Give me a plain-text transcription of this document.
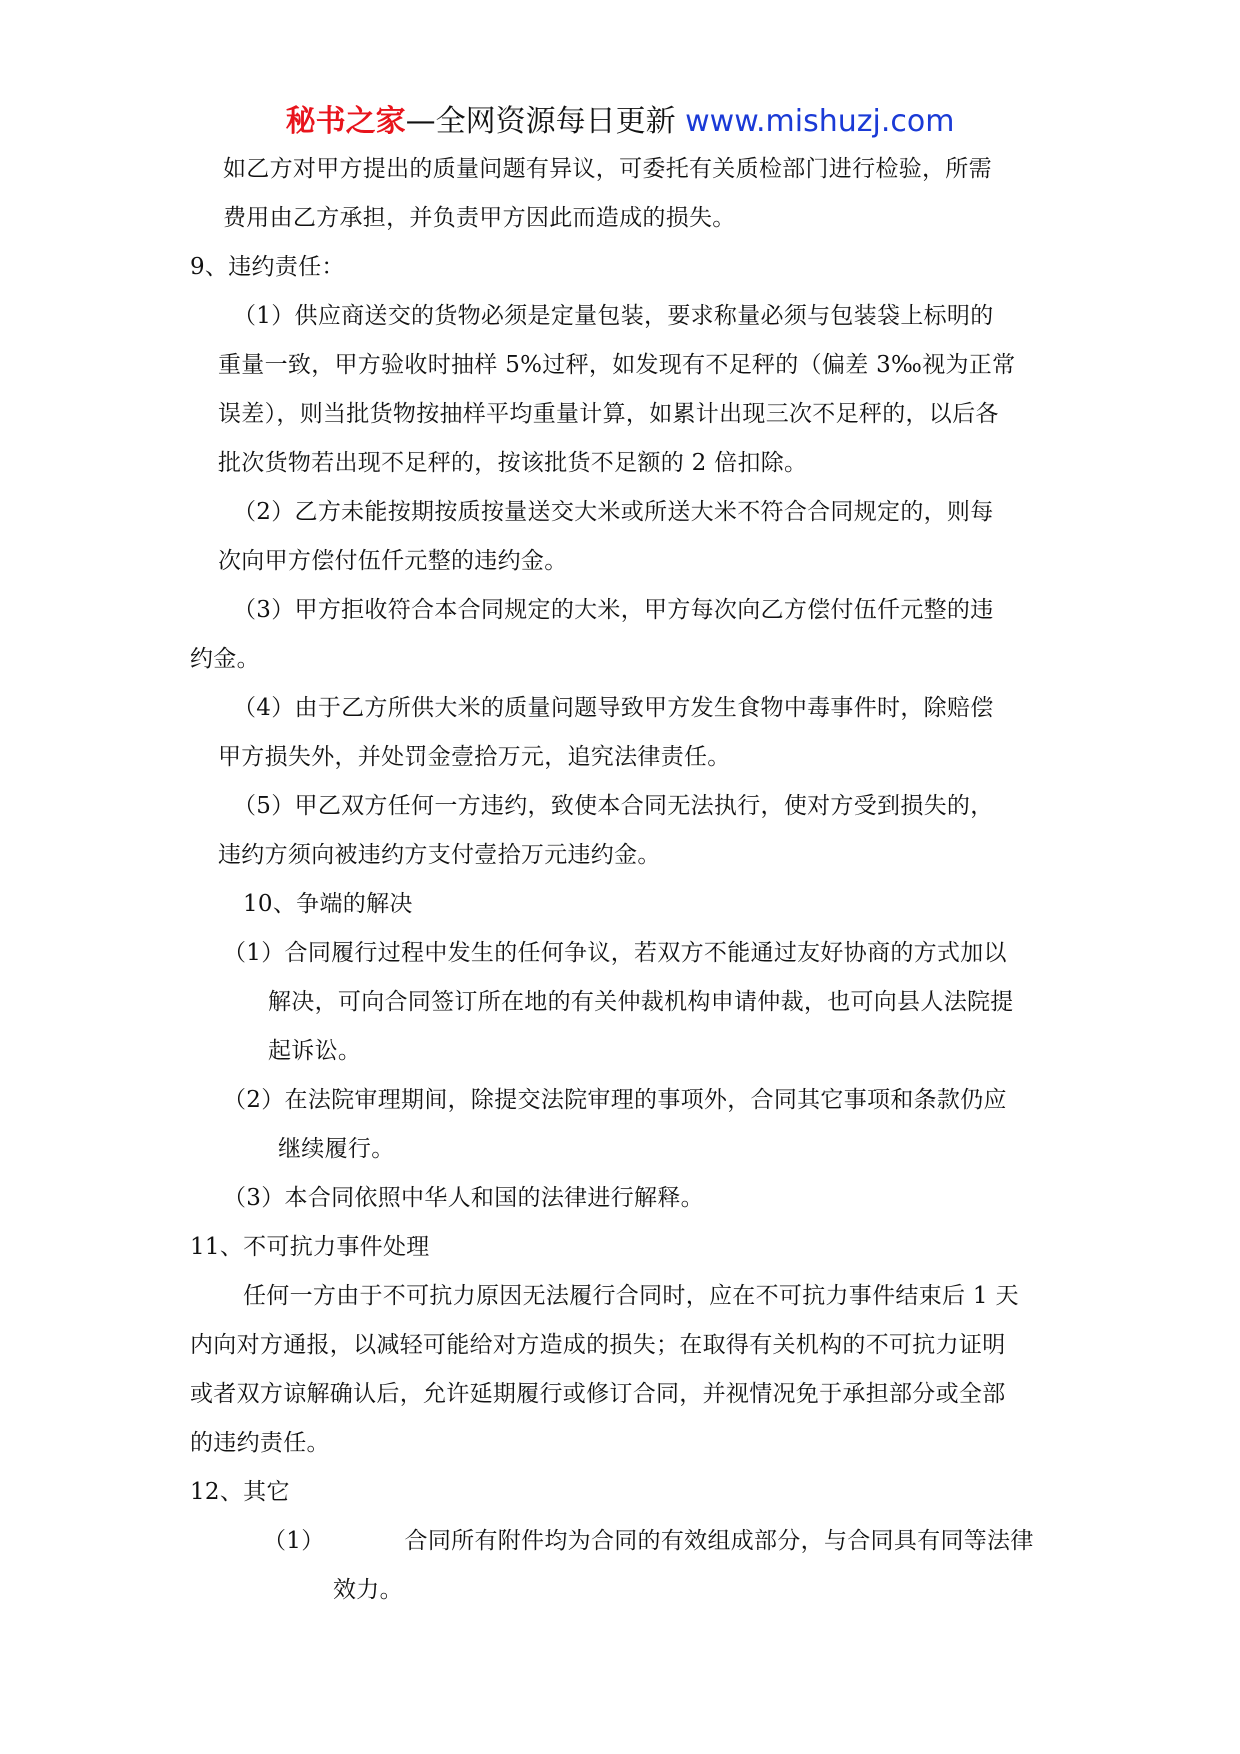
秘书之家—全网资源每日更新 www.mishuzj.com
如乙方对甲方提出的质量问题有异议，可委托有关质检部门进行检验，所需
费用由乙方承担，并负责甲方因此而造成的损失。
9、违约责任：
（1）供应商送交的货物必须是定量包装，要求称量必须与包装袋上标明的
重量一致，甲方验收时抽样 5%过秤，如发现有不足秤的（偏差 3‰视为正常
误差），则当批货物按抽样平均重量计算，如累计出现三次不足秤的，以后各
批次货物若出现不足秤的，按该批货不足额的 2 倍扣除。
（2）乙方未能按期按质按量送交大米或所送大米不符合合同规定的，则每
次向甲方偿付伍仟元整的违约金。
（3）甲方拒收符合本合同规定的大米，甲方每次向乙方偿付伍仟元整的违
约金。
（4）由于乙方所供大米的质量问题导致甲方发生食物中毒事件时，除赔偿
甲方损失外，并处罚金壹拾万元，追究法律责任。
（5）甲乙双方任何一方违约，致使本合同无法执行，使对方受到损失的，
违约方须向被违约方支付壹拾万元违约金。
10、争端的解决
（1）合同履行过程中发生的任何争议，若双方不能通过友好协商的方式加以
解决，可向合同签订所在地的有关仲裁机构申请仲裁，也可向县人法院提
起诉讼。
（2）在法院审理期间，除提交法院审理的事项外，合同其它事项和条款仍应
继续履行。
（3）本合同依照中华人和国的法律进行解释。
11、不可抗力事件处理
任何一方由于不可抗力原因无法履行合同时，应在不可抗力事件结束后 1 天
内向对方通报，以减轻可能给对方造成的损失；在取得有关机构的不可抗力证明
或者双方谅解确认后，允许延期履行或修订合同，并视情况免于承担部分或全部
的违约责任。
12、其它
（1）	合同所有附件均为合同的有效组成部分，与合同具有同等法律
效力。
